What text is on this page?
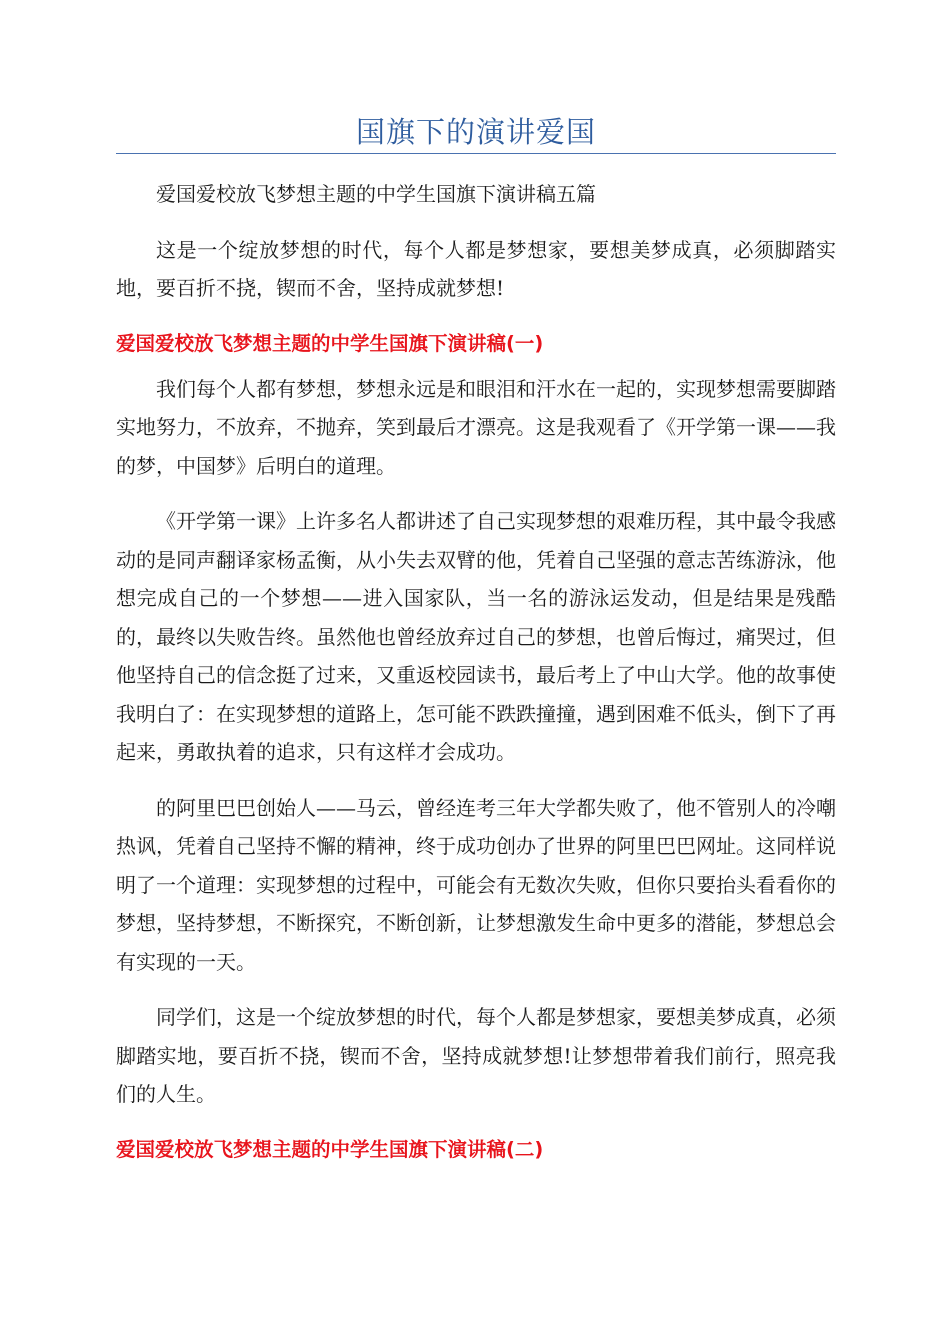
国旗下的演讲爱国

爱国爱校放飞梦想主题的中学生国旗下演讲稿五篇

这是一个绽放梦想的时代，每个人都是梦想家，要想美梦成真，必须脚踏实地，要百折不挠，锲而不舍，坚持成就梦想!

爱国爱校放飞梦想主题的中学生国旗下演讲稿(一)

我们每个人都有梦想，梦想永远是和眼泪和汗水在一起的，实现梦想需要脚踏实地努力，不放弃，不抛弃，笑到最后才漂亮。这是我观看了《开学第一课——我的梦，中国梦》后明白的道理。

《开学第一课》上许多名人都讲述了自己实现梦想的艰难历程，其中最令我感动的是同声翻译家杨孟衡，从小失去双臂的他，凭着自己坚强的意志苦练游泳，他想完成自己的一个梦想——进入国家队，当一名的游泳运发动，但是结果是残酷的，最终以失败告终。虽然他也曾经放弃过自己的梦想，也曾后悔过，痛哭过，但他坚持自己的信念挺了过来，又重返校园读书，最后考上了中山大学。他的故事使我明白了：在实现梦想的道路上，怎可能不跌跌撞撞，遇到困难不低头，倒下了再起来，勇敢执着的追求，只有这样才会成功。

的阿里巴巴创始人——马云，曾经连考三年大学都失败了，他不管别人的冷嘲热讽，凭着自己坚持不懈的精神，终于成功创办了世界的阿里巴巴网址。这同样说明了一个道理：实现梦想的过程中，可能会有无数次失败，但你只要抬头看看你的梦想，坚持梦想，不断探究，不断创新，让梦想激发生命中更多的潜能，梦想总会有实现的一天。

同学们，这是一个绽放梦想的时代，每个人都是梦想家，要想美梦成真，必须脚踏实地，要百折不挠，锲而不舍，坚持成就梦想!让梦想带着我们前行，照亮我们的人生。

爱国爱校放飞梦想主题的中学生国旗下演讲稿(二)
